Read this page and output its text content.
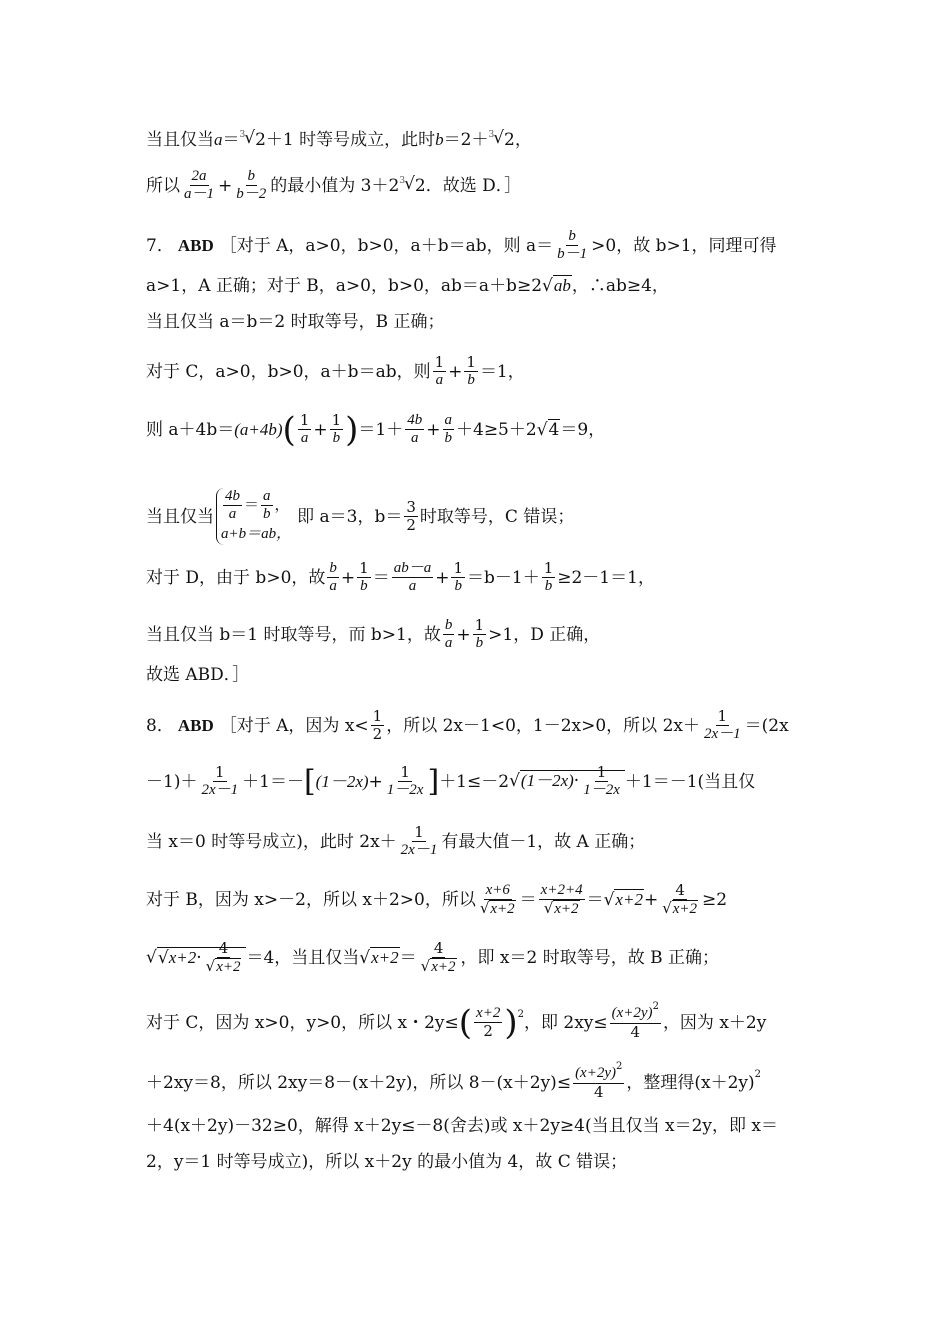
当且仅当 a ＝ $^3$√ 2＋1 时等号成立，此时 b ＝2＋ $^3$√ 2，
所以 $\frac{2a}{a-1} + \frac{b}{b-2}$ 的最小值为 3＋2 $^3$√ 2．故选 D．］
7． ABD ［对于 A， a>0，b>0，a＋b＝ab，则 $a= \frac{b}{b-1} >0$，故 b>1，同理可得
a>1，A 正确；对于 B，a>0，b>0，ab＝a＋b≥2 √ab ，∴ab≥4，
当且仅当 a＝b＝2 时取等号，B 正确；
对于 C，a>0，b>0，a＋b＝ab，则 $\frac{1}{a} + \frac{1}{b} =1$，
则 a＋4b＝ (a+4b) ( $\frac{1}{a} + \frac{1}{b}$ ) $=1+ \frac{4b}{a} + \frac{a}{b} +4\ge 5+2$ √4 ＝9，
当且仅当 $\frac{4b}{a} = \frac{a}{b}$ ，
a+b＝ab，
即 a＝3，$b= \frac{3}{2}$ 时取等号，C 错误；
对于 D，由于 b>0，故 $\frac{b}{a} + \frac{1}{b} = \frac{ab-a}{a} + \frac{1}{b} =b-1+ \frac{1}{b} \ge 2-1=1$，
当且仅当 b＝1 时取等号，而 b>1，故 $\frac{b}{a} + \frac{1}{b} >1$，D 正确，
故选 ABD．］
8． ABD ［对于 A，因为 $x< \frac{1}{2}$ ，所以 2x－1<0，1－2x>0，所以 $2x+ \frac{1}{2x-1} =(2x$
$-1)+ \frac{1}{2x-1} +1=-$ [ $(1-2x) + \frac{1}{1-2x}$ ] ＋1≤－2 $√(1-2x)\cdot \frac{1}{1-2x} +1=-1$(当且仅
当 x＝0 时等号成立)，此时 $2x+ \frac{1}{2x-1}$ 有最大值－1，故 A 正确；
对于 B，因为 x>－2，所以 x＋2>0，所以 $\frac{x+6}{√x+2} = \frac{x+2+4}{√x+2} = √x+2 + \frac{4}{√x+2} \ge 2$
$√√x+2\cdot \frac{4}{√x+2} =4$，当且仅当 $√x+2 = \frac{4}{√x+2}$ ，即 x＝2 时取等号，故 B 正确；
对于 C，因为 x>0，y>0，所以 x・2y≤ ( $\frac{x+2}{2}$ ) 2 ，即 $2xy\le \frac{(x+2y)^2}{4}$ ，因为 x＋2y
＋2xy＝8，所以 2xy＝8－(x＋2y)，所以 $8-(x+2y)\le \frac{(x+2y)^2}{4}$ ，整理得(x＋2y) 2
＋4(x＋2y)－32≥0，解得 x＋2y≤－8(舍去)或 x＋2y≥4(当且仅当 x＝2y，即 x＝
2，y＝1 时等号成立)，所以 x＋2y 的最小值为 4，故 C 错误；
